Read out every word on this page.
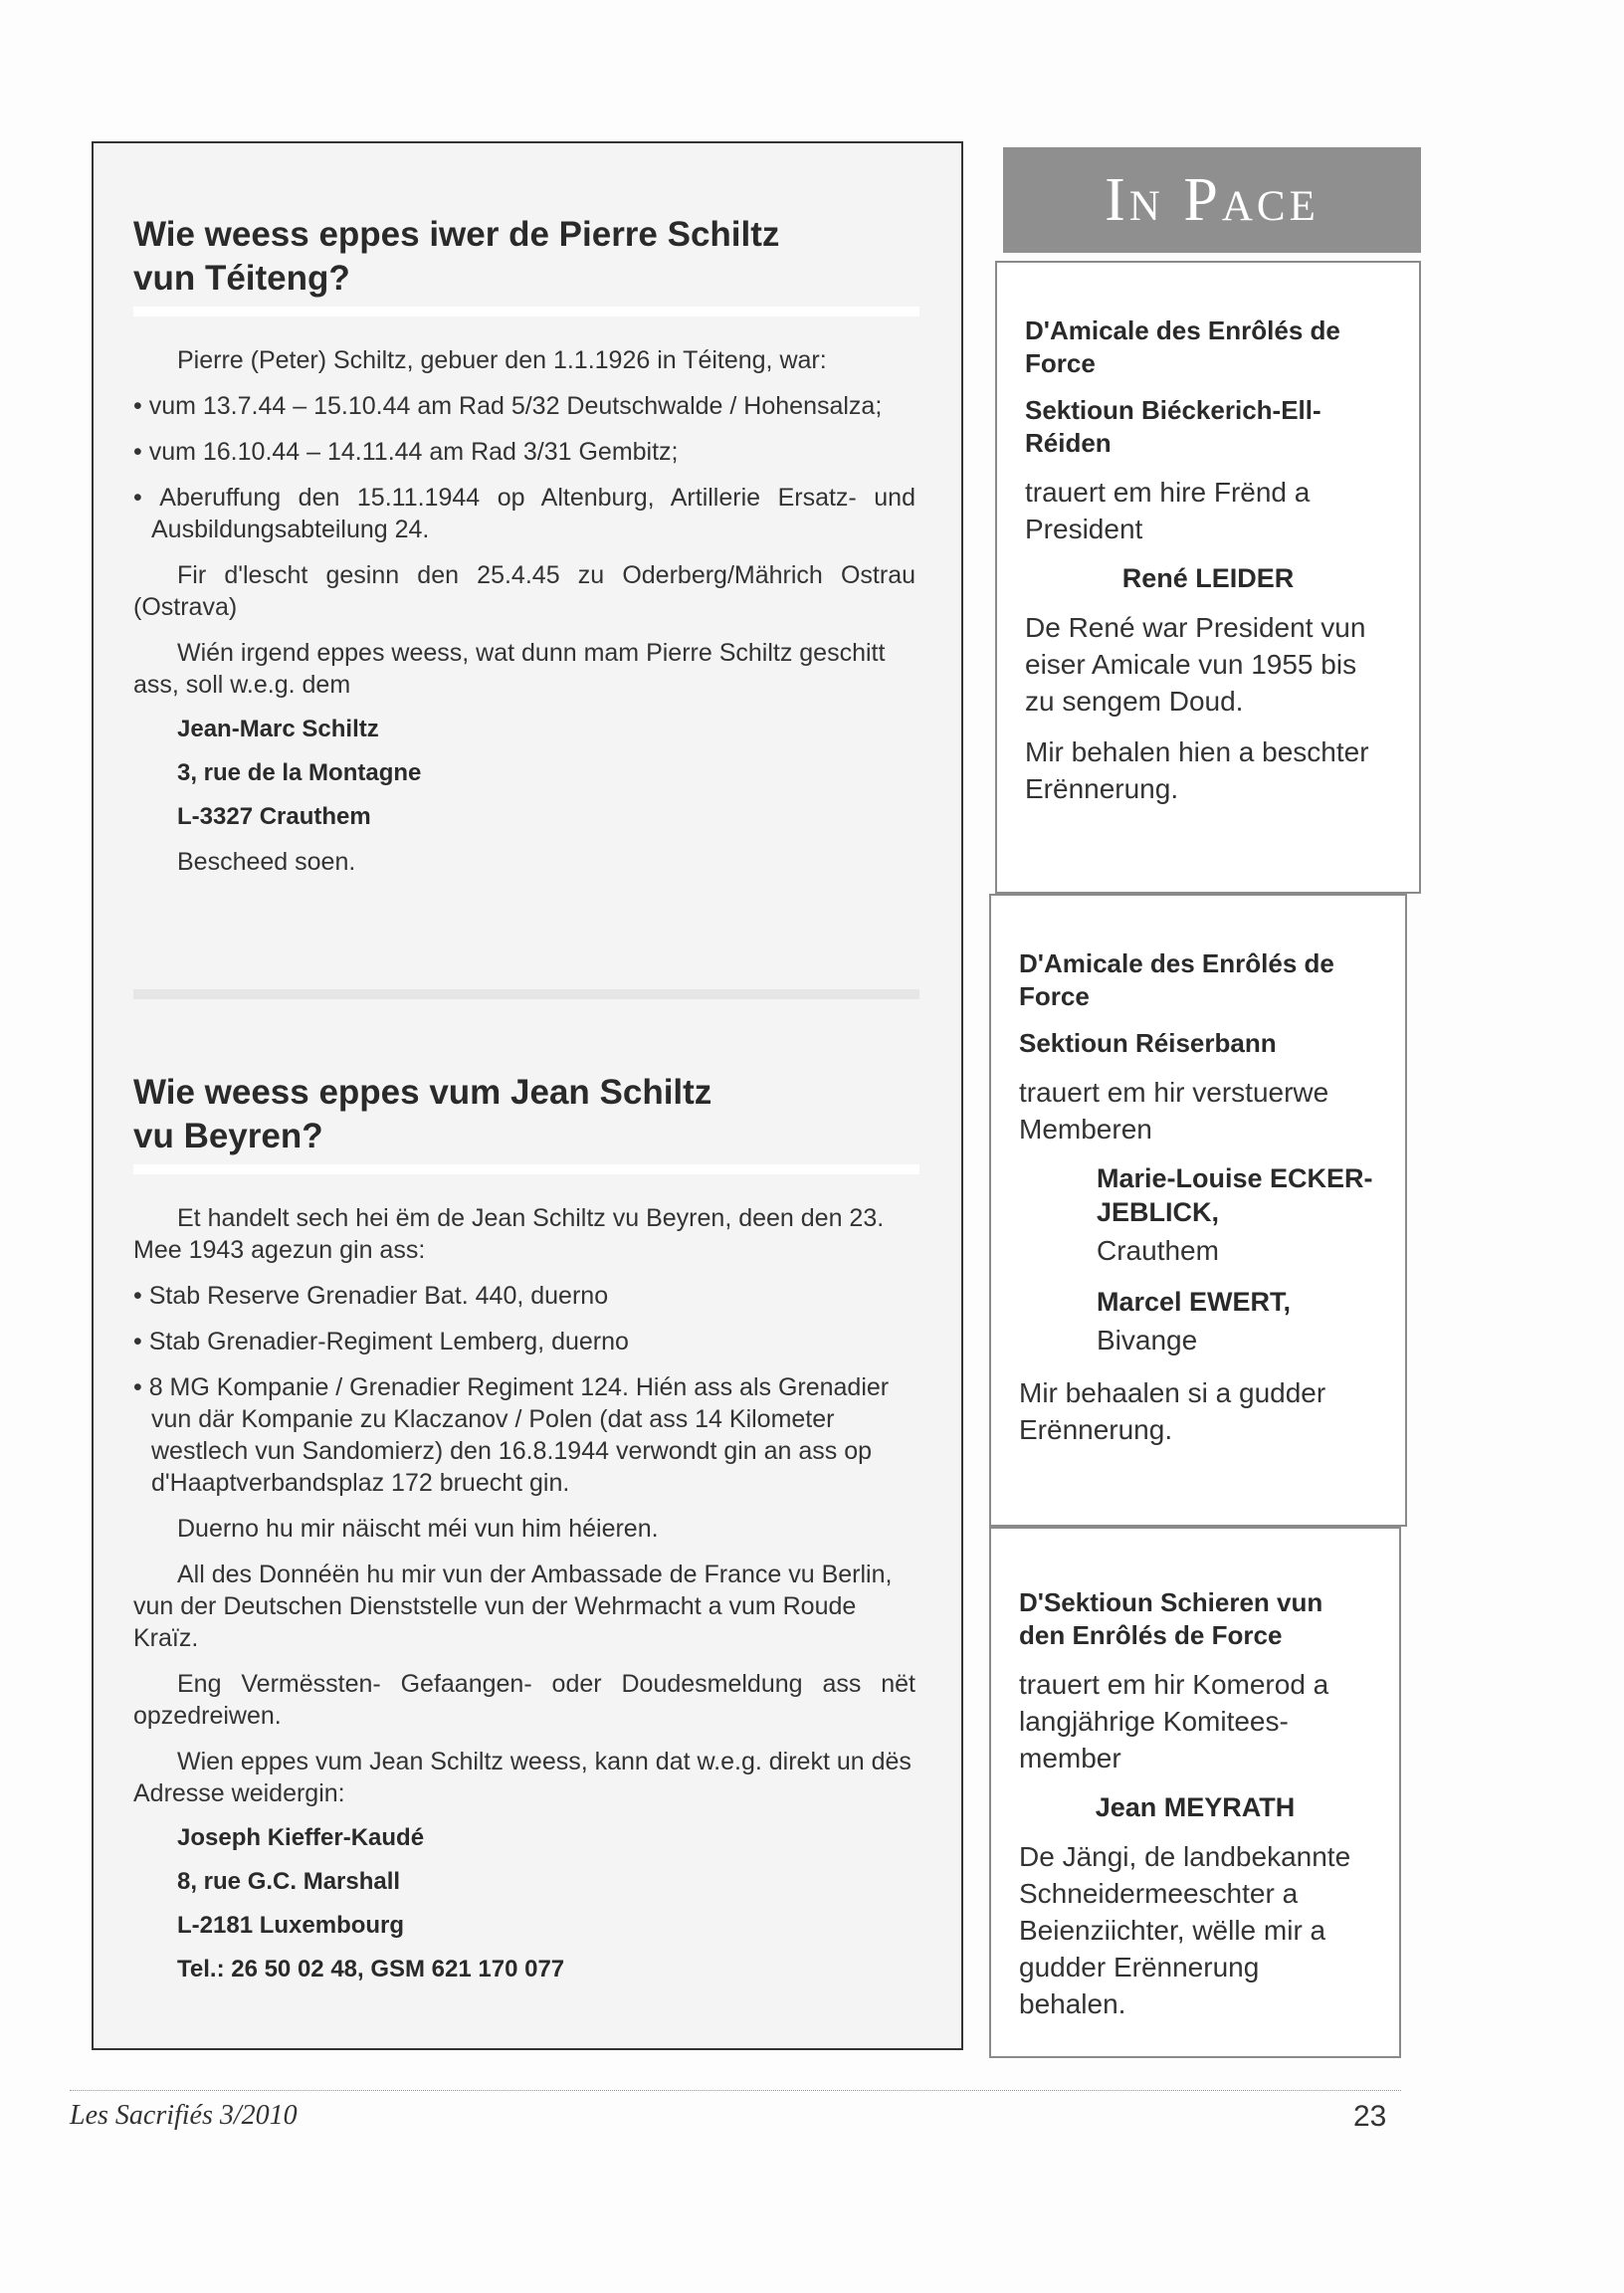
Wie weess eppes iwer de Pierre Schiltz
vun Téiteng?

Pierre (Peter) Schiltz, gebuer den 1.1.1926 in Téiteng, war:

• vum 13.7.44 – 15.10.44 am Rad 5/32 Deutschwalde / Hohensalza;
• vum 16.10.44 – 14.11.44 am Rad 3/31 Gembitz;
• Aberuffung den 15.11.1944 op Altenburg, Artillerie Ersatz- und Ausbildungsabteilung 24.

Fir d'lescht gesinn den 25.4.45 zu Oderberg/Mährich Ostrau (Ostrava)

Wién irgend eppes weess, wat dunn mam Pierre Schiltz geschitt ass, soll w.e.g. dem

Jean-Marc Schiltz

3, rue de la Montagne

L-3327 Crauthem

Bescheed soen.

Wie weess eppes vum Jean Schiltz
vu Beyren?

Et handelt sech hei ëm de Jean Schiltz vu Beyren, deen den 23. Mee 1943 agezun gin ass:

• Stab Reserve Grenadier Bat. 440, duerno
• Stab Grenadier-Regiment Lemberg, duerno
• 8 MG Kompanie / Grenadier Regiment 124. Hién ass als Grenadier vun där Kompanie zu Klaczanov / Polen (dat ass 14 Kilometer westlech vun Sandomierz) den 16.8.1944 verwondt gin an ass op d'Haaptverbandsplaz 172 bruecht gin.

Duerno hu mir näischt méi vun him héieren.

All des Donnéën hu mir vun der Ambassade de France vu Berlin, vun der Deutschen Dienststelle vun der Wehrmacht a vum Roude Kraïz.

Eng Vermëssten- Gefaangen- oder Doudesmeldung ass nët opzedreiwen.

Wien eppes vum Jean Schiltz weess, kann dat w.e.g. direkt un dës Adresse weidergin:

Joseph Kieffer-Kaudé

8, rue G.C. Marshall

L-2181 Luxembourg

Tel.: 26 50 02 48, GSM 621 170 077

In Pace

D'Amicale des Enrôlés de Force

Sektioun Biéckerich-Ell-Réiden

trauert em hire Frënd a President

René LEIDER

De René war President vun eiser Amicale vun 1955 bis zu sengem Doud.

Mir behalen hien a beschter Erënnerung.

D'Amicale des Enrôlés de Force

Sektioun Réiserbann

trauert em hir verstuerwe Memberen

Marie-Louise ECKER-JEBLICK,

Crauthem

Marcel EWERT,

Bivange

Mir behaalen si a gudder Erënnerung.

D'Sektioun Schieren vun den Enrôlés de Force

trauert em hir Komerod a langjährige Komitees-member

Jean MEYRATH

De Jängi, de landbekannte Schneidermeeschter a Beienziichter, wëlle mir a gudder Erënnerung behalen.

Les Sacrifiés 3/2010	23
